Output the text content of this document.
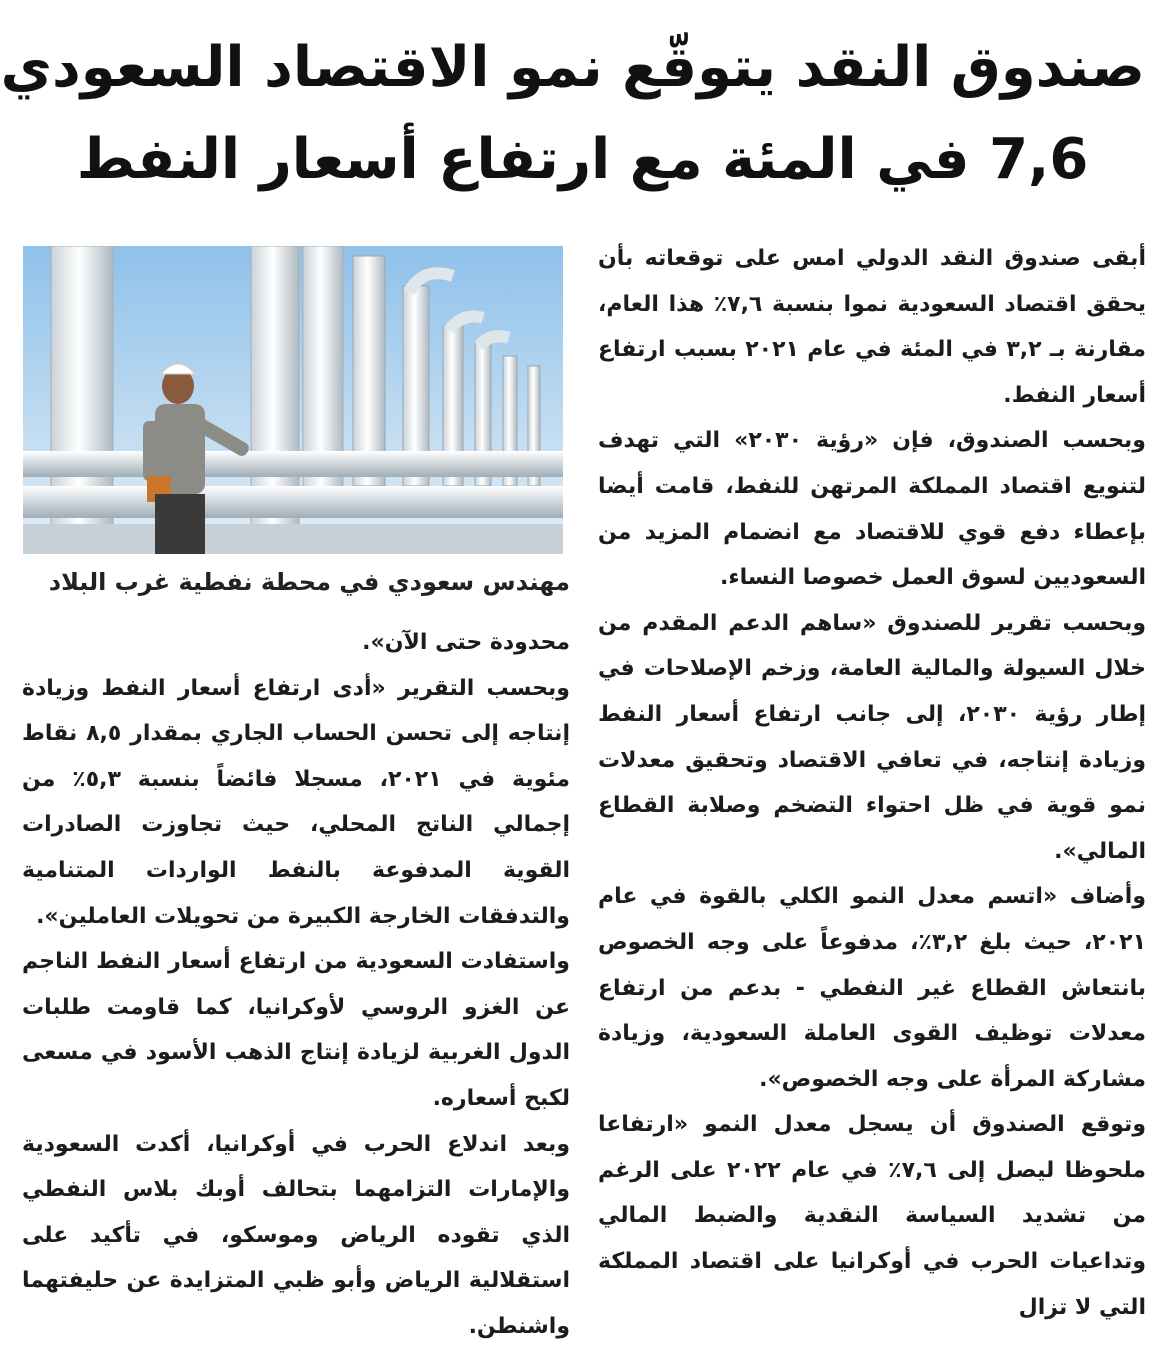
صندوق النقد يتوقّع نمو الاقتصاد السعودي
7,6 في المئة مع ارتفاع أسعار النفط
مهندس سعودي في محطة نفطية غرب البلاد

أبقى صندوق النقد الدولي امس على توقعاته بأن يحقق اقتصاد السعودية نموا بنسبة ٧,٦٪ هذا العام، مقارنة بـ ٣,٢ في المئة في عام ٢٠٢١ بسبب ارتفاع أسعار النفط.

وبحسب الصندوق، فإن «رؤية ٢٠٣٠» التي تهدف لتنويع اقتصاد المملكة المرتهن للنفط، قامت أيضا بإعطاء دفع قوي للاقتصاد مع انضمام المزيد من السعوديين لسوق العمل خصوصا النساء.

وبحسب تقرير للصندوق «ساهم الدعم المقدم من خلال السيولة والمالية العامة، وزخم الإصلاحات في إطار رؤية ٢٠٣٠، إلى جانب ارتفاع أسعار النفط وزيادة إنتاجه، في تعافي الاقتصاد وتحقيق معدلات نمو قوية في ظل احتواء التضخم وصلابة القطاع المالي».

وأضاف «اتسم معدل النمو الكلي بالقوة في عام ٢٠٢١، حيث بلغ ٣,٢٪، مدفوعاً على وجه الخصوص بانتعاش القطاع غير النفطي - بدعم من ارتفاع معدلات توظيف القوى العاملة السعودية، وزيادة مشاركة المرأة على وجه الخصوص».

وتوقع الصندوق أن يسجل معدل النمو «ارتفاعا ملحوظا ليصل إلى ٧,٦٪ في عام ٢٠٢٢ على الرغم من تشديد السياسة النقدية والضبط المالي وتداعيات الحرب في أوكرانيا على اقتصاد المملكة التي لا تزال

محدودة حتى الآن».

وبحسب التقرير «أدى ارتفاع أسعار النفط وزيادة إنتاجه إلى تحسن الحساب الجاري بمقدار ٨,٥ نقاط مئوية في ٢٠٢١، مسجلا فائضاً بنسبة ٥,٣٪ من إجمالي الناتج المحلي، حيث تجاوزت الصادرات القوية المدفوعة بالنفط الواردات المتنامية والتدفقات الخارجة الكبيرة من تحويلات العاملين».

واستفادت السعودية من ارتفاع أسعار النفط الناجم عن الغزو الروسي لأوكرانيا، كما قاومت طلبات الدول الغربية لزيادة إنتاج الذهب الأسود في مسعى لكبح أسعاره.

وبعد اندلاع الحرب في أوكرانيا، أكدت السعودية والإمارات التزامهما بتحالف أوبك بلاس النفطي الذي تقوده الرياض وموسكو، في تأكيد على استقلالية الرياض وأبو ظبي المتزايدة عن حليفتهما واشنطن.
